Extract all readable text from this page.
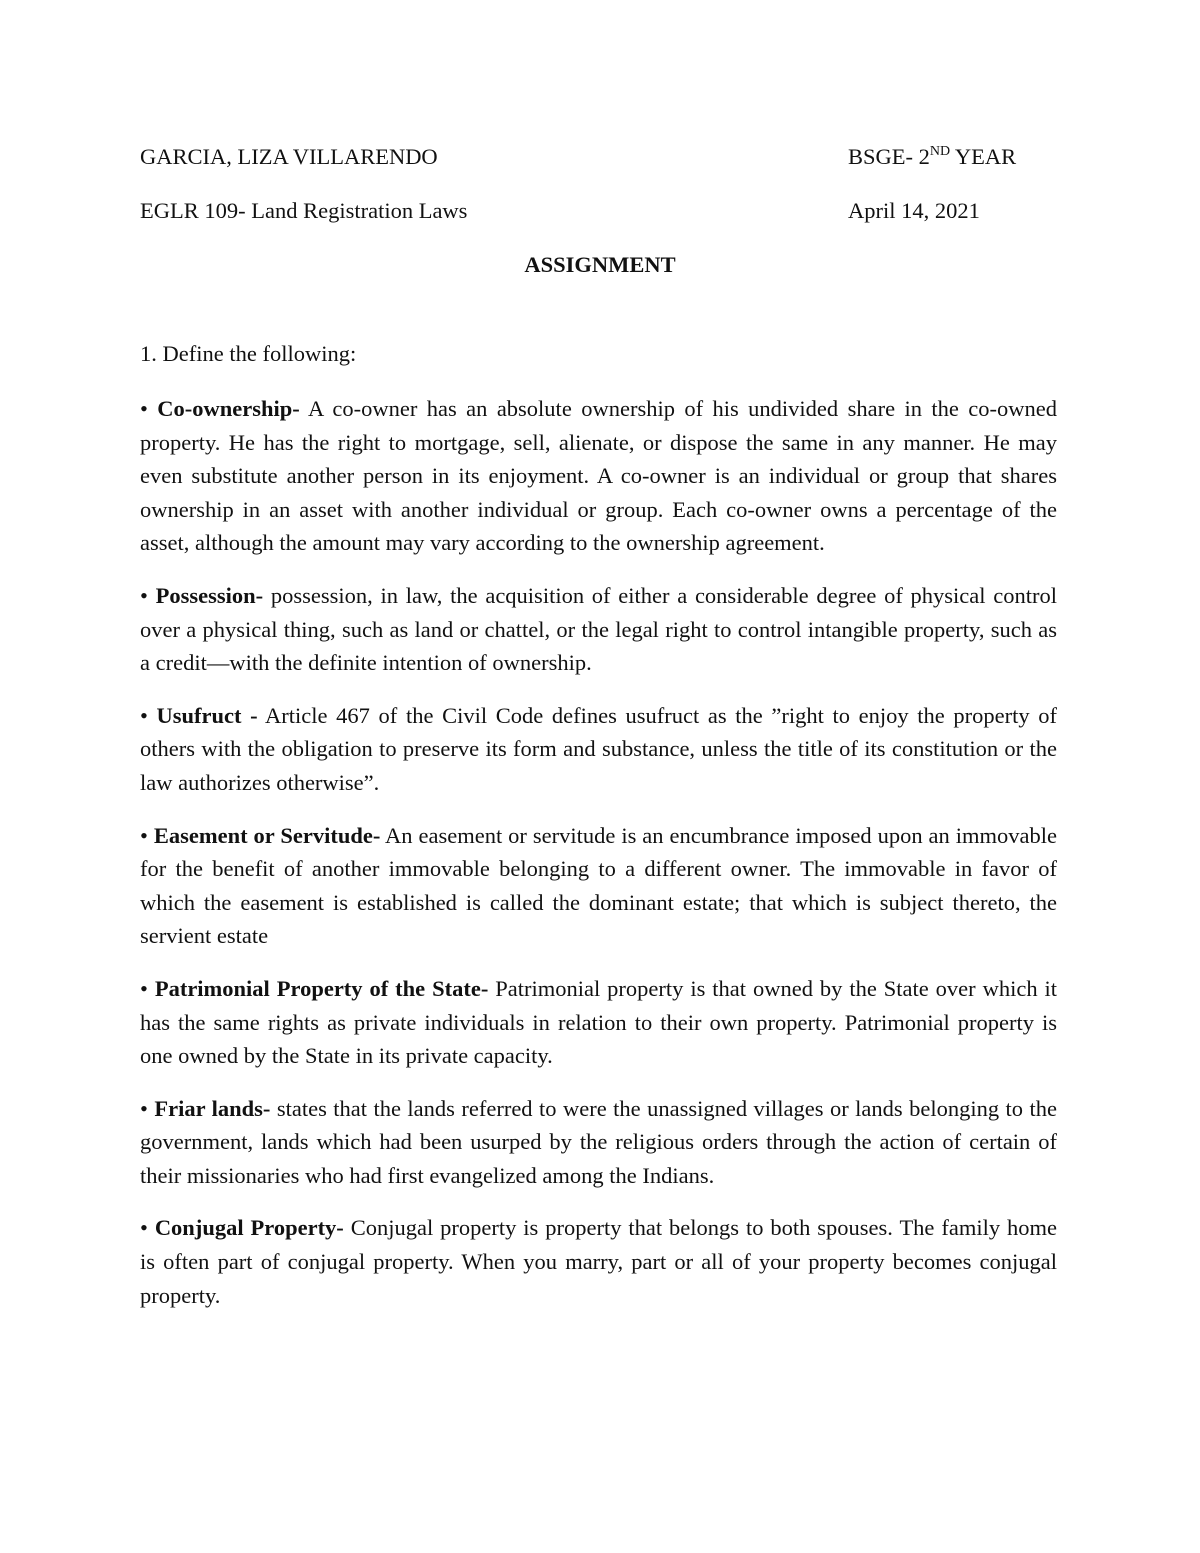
GARCIA, LIZA VILLARENDO	BSGE- 2ND YEAR
EGLR 109- Land Registration Laws	April 14, 2021
ASSIGNMENT
1. Define the following:

• Co-ownership- A co-owner has an absolute ownership of his undivided share in the co-owned property. He has the right to mortgage, sell, alienate, or dispose the same in any manner. He may even substitute another person in its enjoyment. A co-owner is an individual or group that shares ownership in an asset with another individual or group. Each co-owner owns a percentage of the asset, although the amount may vary according to the ownership agreement.

• Possession- possession, in law, the acquisition of either a considerable degree of physical control over a physical thing, such as land or chattel, or the legal right to control intangible property, such as a credit—with the definite intention of ownership.

• Usufruct - Article 467 of the Civil Code defines usufruct as the ”right to enjoy the property of others with the obligation to preserve its form and substance, unless the title of its constitution or the law authorizes otherwise”.

• Easement or Servitude- An easement or servitude is an encumbrance imposed upon an immovable for the benefit of another immovable belonging to a different owner. The immovable in favor of which the easement is established is called the dominant estate; that which is subject thereto, the servient estate

• Patrimonial Property of the State- Patrimonial property is that owned by the State over which it has the same rights as private individuals in relation to their own property. Patrimonial property is one owned by the State in its private capacity.

• Friar lands- states that the lands referred to were the unassigned villages or lands belonging to the government, lands which had been usurped by the religious orders through the action of certain of their missionaries who had first evangelized among the Indians.

• Conjugal Property- Conjugal property is property that belongs to both spouses. The family home is often part of conjugal property. When you marry, part or all of your property becomes conjugal property.
